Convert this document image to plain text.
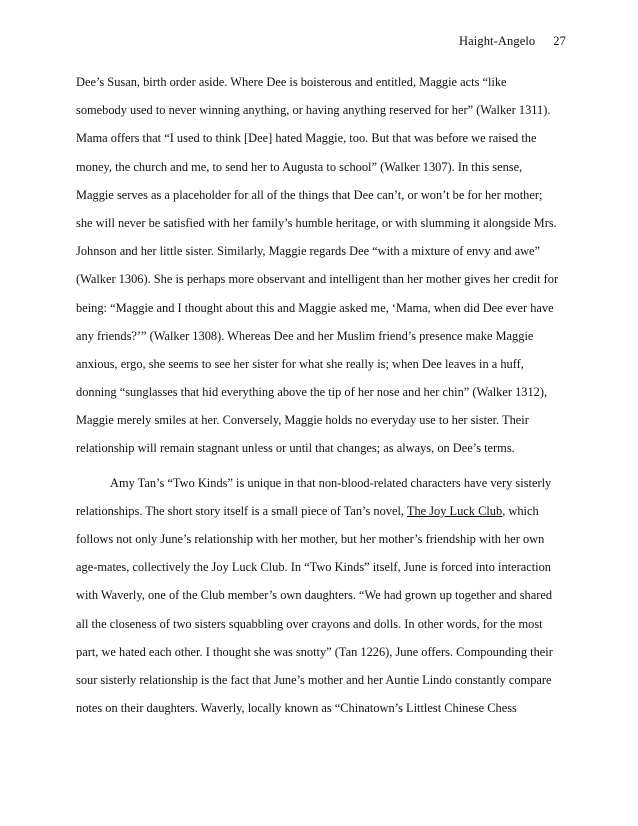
Haight-Angelo 27
Dee’s Susan, birth order aside. Where Dee is boisterous and entitled, Maggie acts “like
somebody used to never winning anything, or having anything reserved for her” (Walker 1311).
Mama offers that “I used to think [Dee] hated Maggie, too. But that was before we raised the
money, the church and me, to send her to Augusta to school” (Walker 1307). In this sense,
Maggie serves as a placeholder for all of the things that Dee can’t, or won’t be for her mother;
she will never be satisfied with her family’s humble heritage, or with slumming it alongside Mrs.
Johnson and her little sister. Similarly, Maggie regards Dee “with a mixture of envy and awe”
(Walker 1306). She is perhaps more observant and intelligent than her mother gives her credit for
being: “Maggie and I thought about this and Maggie asked me, ‘Mama, when did Dee ever have
any friends?’” (Walker 1308). Whereas Dee and her Muslim friend’s presence make Maggie
anxious, ergo, she seems to see her sister for what she really is; when Dee leaves in a huff,
donning “sunglasses that hid everything above the tip of her nose and her chin” (Walker 1312),
Maggie merely smiles at her. Conversely, Maggie holds no everyday use to her sister. Their
relationship will remain stagnant unless or until that changes; as always, on Dee’s terms.
Amy Tan’s “Two Kinds” is unique in that non-blood-related characters have very sisterly
relationships. The short story itself is a small piece of Tan’s novel, The Joy Luck Club, which
follows not only June’s relationship with her mother, but her mother’s friendship with her own
age-mates, collectively the Joy Luck Club. In “Two Kinds” itself, June is forced into interaction
with Waverly, one of the Club member’s own daughters. “We had grown up together and shared
all the closeness of two sisters squabbling over crayons and dolls. In other words, for the most
part, we hated each other. I thought she was snotty” (Tan 1226), June offers. Compounding their
sour sisterly relationship is the fact that June’s mother and her Auntie Lindo constantly compare
notes on their daughters. Waverly, locally known as “Chinatown’s Littlest Chinese Chess
